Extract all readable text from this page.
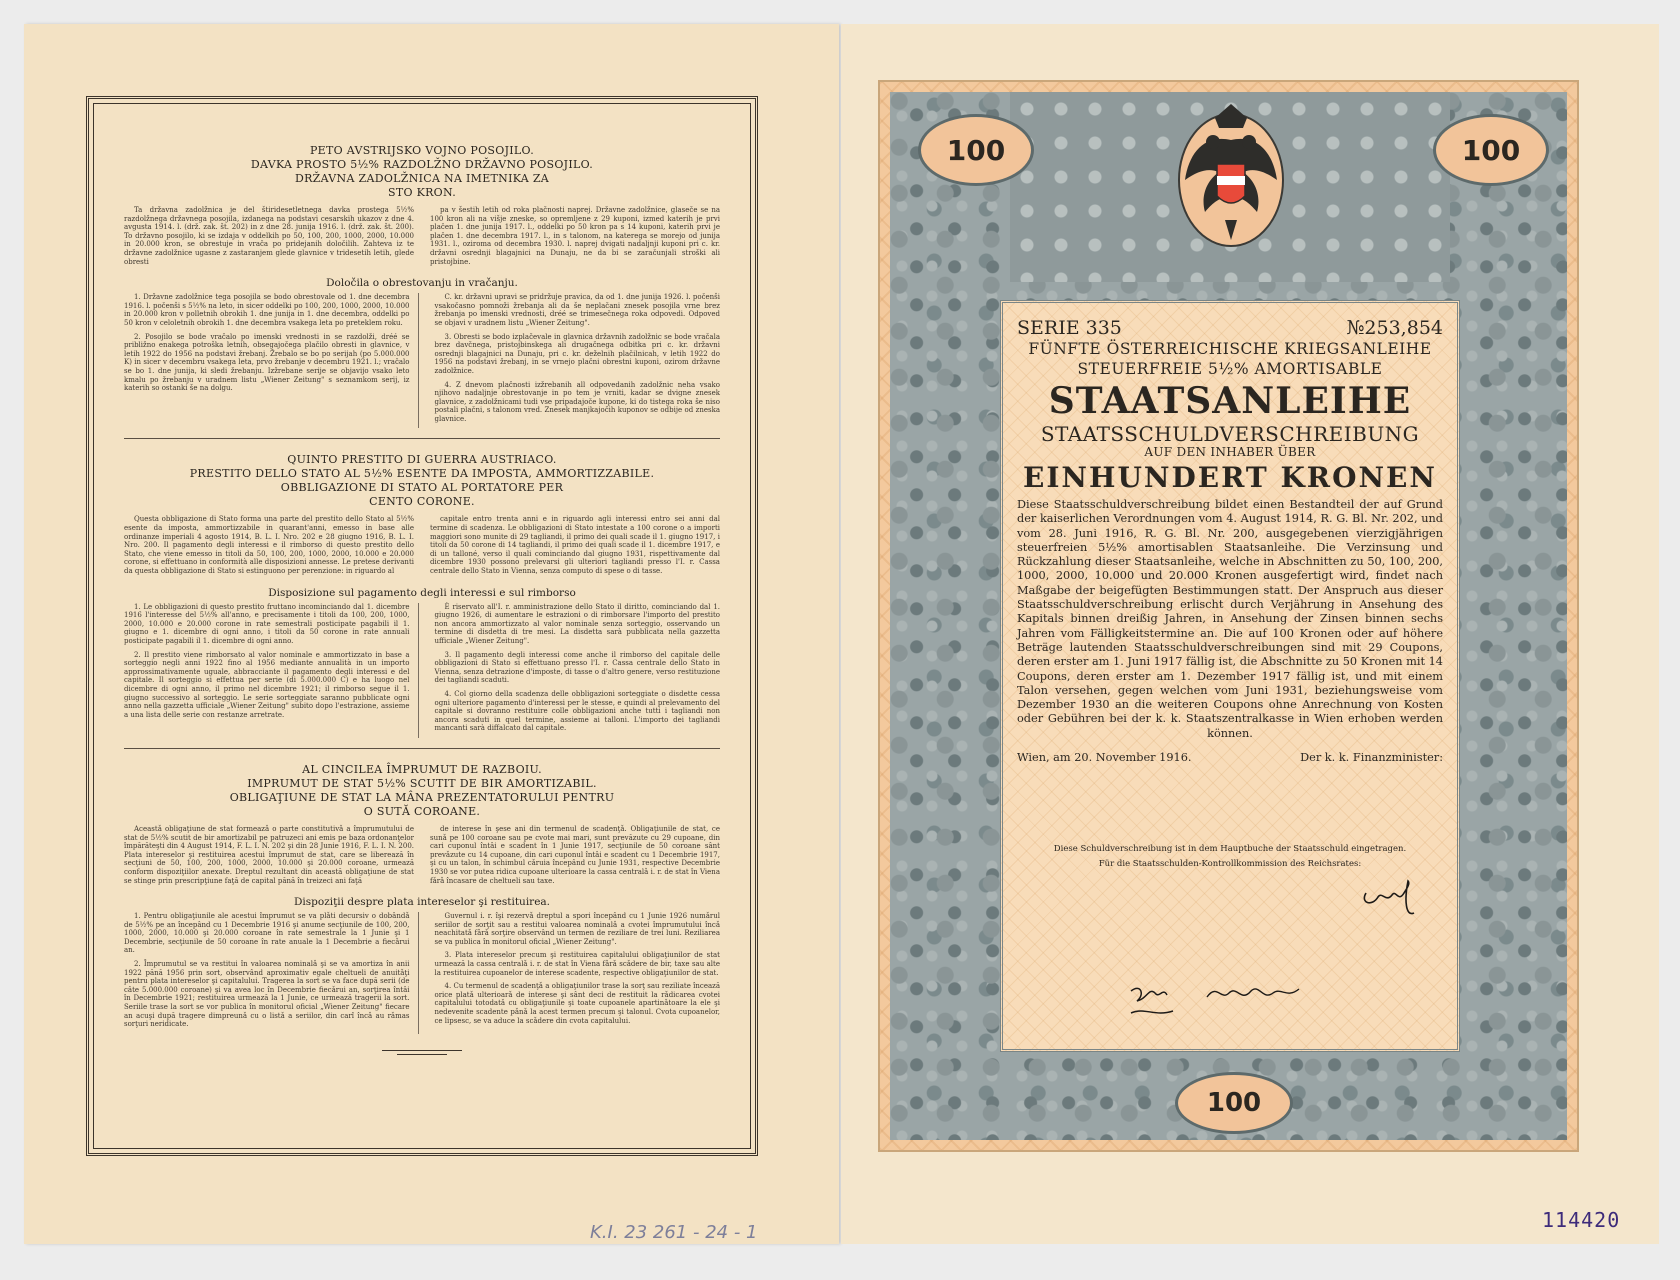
PETO AVSTRIJSKO VOJNO POSOJILO.
DAVKA PROSTO 5½% RAZDOLŽNO DRŽAVNO POSOJILO.
DRŽAVNA ZADOLŽNICA NA IMETNIKA ZA
STO KRON.

Ta državna zadolžnica je del štiridesetletnega davka prostega 5½% razdolžnega državnega posojila, izdanega na podstavi cesarskih ukazov z dne 4. avgusta 1914. l. (drž. zak. št. 202) in z dne 28. junija 1916. l. (drž. zak. št. 200). To državno posojilo, ki se izdaja v oddelkih po 50, 100, 200, 1000, 2000, 10.000 in 20.000 kron, se obrestuje in vrača po pridejanih določilih. Zahteva iz te državne zadolžnice ugasne z zastaranjem glede glavnice v tridesetih letih, glede obresti

pa v šestih letih od roka plačnosti naprej. Državne zadolžnice, glaseče se na 100 kron ali na višje zneske, so opremljene z 29 kuponi, izmed katerih je prvi plačen 1. dne junija 1917. l., oddelki po 50 kron pa s 14 kuponi, katerih prvi je plačen 1. dne decembra 1917. l., in s talonom, na katerega se morejo od junija 1931. l., oziroma od decembra 1930. l. naprej dvigati nadaljnji kuponi pri c. kr. državni osrednji blagajnici na Dunaju, ne da bi se zaračunjali stroški ali pristojbine.

Določila o obrestovanju in vračanju.

1. Državne zadolžnice tega posojila se bodo obrestovale od 1. dne decembra 1916. l. počenši s 5½% na leto, in sicer oddelki po 100, 200, 1000, 2000, 10.000 in 20.000 kron v polletnih obrokih 1. dne junija in 1. dne decembra, oddelki po 50 kron v celoletnih obrokih 1. dne decembra vsakega leta po preteklem roku.

2. Posojilo se bode vračalo po imenski vrednosti in se razdolži, dréé se približno enakega potroška letnih, obsegajočega plačilo obresti in glavnice, v letih 1922 do 1956 na podstavi žrebanj. Žrebalo se bo po serijah (po 5.000.000 K) in sicer v decembru vsakega leta, prvo žrebanje v decembru 1921. l.; vračalo se bo 1. dne junija, ki sledi žrebanju. Izžrebane serije se objavijo vsako leto kmalu po žrebanju v uradnem listu „Wiener Zeitung" s seznamkom serij, iz katerih so ostanki še na dolgu.

C. kr. državni upravi se pridržuje pravica, da od 1. dne junija 1926. l. počenši vsakočasno pomnoži žrebanja ali da še neplačani znesek posojila vrne brez žrebanja po imenski vrednosti, dréé se trimesečnega roka odpovedi. Odpoved se objavi v uradnem listu „Wiener Zeitung".

3. Obresti se bodo izplačevale in glavnica državnih zadolžnic se bode vračala brez davčnega, pristojbinskega ali drugačnega odbitka pri c. kr. državni osrednji blagajnici na Dunaju, pri c. kr. deželnih plačilnicah, v letih 1922 do 1956 na podstavi žrebanj, in se vrnejo plačni obrestni kuponi, ozirom državne zadolžnice.

4. Z dnevom plačnosti izžrebanih all odpovedanih zadolžnic neha vsako njihovo nadaljnje obrestovanje in po tem je vrniti, kadar se dvigne znesek glavnice, z zadolžnicami tudi vse pripadajoče kupone, ki do tistega roka še niso postali plačni, s talonom vred. Znesek manjkajočih kuponov se odbije od zneska glavnice.

QUINTO PRESTITO DI GUERRA AUSTRIACO.
PRESTITO DELLO STATO AL 5½% ESENTE DA IMPOSTA, AMMORTIZZABILE.
OBBLIGAZIONE DI STATO AL PORTATORE PER
CENTO CORONE.

Questa obbligazione di Stato forma una parte del prestito dello Stato al 5½% esente da imposta, ammortizzabile in quarant'anni, emesso in base alle ordinanze imperiali 4 agosto 1914, B. L. I. Nro. 202 e 28 giugno 1916, B. L. I. Nro. 200. Il pagamento degli interessi e il rimborso di questo prestito dello Stato, che viene emesso in titoli da 50, 100, 200, 1000, 2000, 10.000 e 20.000 corone, si effettuano in conformità alle disposizioni annesse. Le pretese derivanti da questa obbligazione di Stato si estinguono per perenzione: in riguardo al

capitale entro trenta anni e in riguardo agli interessi entro sei anni dal termine di scadenza. Le obbligazioni di Stato intestate a 100 corone o a importi maggiori sono munite di 29 tagliandi, il primo dei quali scade il 1. giugno 1917, i titoli da 50 corone di 14 tagliandi, il primo dei quali scade il 1. dicembre 1917, e di un talloné, verso il quali cominciando dal giugno 1931, rispettivamente dal dicembre 1930 possono prelevarsi gli ulteriori tagliandi presso l'I. r. Cassa centrale dello Stato in Vienna, senza computo di spese o di tasse.

Disposizione sul pagamento degli interessi e sul rimborso

1. Le obbligazioni di questo prestito fruttano incominciando dal 1. dicembre 1916 l'interesse del 5½% all'anno, e precisamente i titoli da 100, 200, 1000, 2000, 10.000 e 20.000 corone in rate semestrali posticipate pagabili il 1. giugno e 1. dicembre di ogni anno, i titoli da 50 corone in rate annuali posticipate pagabili il 1. dicembre di ogni anno.

2. Il prestito viene rimborsato al valor nominale e ammortizzato in base a sorteggio negli anni 1922 fino al 1956 mediante annualità in un importo approssimativamente uguale, abbracciante il pagamento degli interessi e del capitale. Il sorteggio si effettua per serie (di 5.000.000 C) e ha luogo nel dicembre di ogni anno, il primo nel dicembre 1921; il rimborso segue il 1. giugno successivo al sorteggio. Le serie sorteggiate saranno pubblicate ogni anno nella gazzetta ufficiale „Wiener Zeitung" subito dopo l'estrazione, assieme a una lista delle serie con restanze arretrate.

È riservato all'I. r. amministrazione dello Stato il diritto, cominciando dal 1. giugno 1926, di aumentare le estrazioni o di rimborsare l'importo del prestito non ancora ammortizzato al valor nominale senza sorteggio, osservando un termine di disdetta di tre mesi. La disdetta sarà pubblicata nella gazzetta ufficiale „Wiener Zeitung".

3. Il pagamento degli interessi come anche il rimborso del capitale delle obbligazioni di Stato si effettuano presso l'I. r. Cassa centrale dello Stato in Vienna, senza detrazione d'imposte, di tasse o d'altro genere, verso restituzione dei tagliandi scaduti.

4. Col giorno della scadenza delle obbligazioni sorteggiate o disdette cessa ogni ulteriore pagamento d'interessi per le stesse, e quindi al prelevamento del capitale si dovranno restituire colle obbligazioni anche tutti i tagliandi non ancora scaduti in quel termine, assieme ai talloni. L'importo dei tagliandi mancanti sarà diffalcato dal capitale.

AL CINCILEA ÎMPRUMUT DE RAZBOIU.
IMPRUMUT DE STAT 5½% SCUTIT DE BIR AMORTIZABIL.
OBLIGAŢIUNE DE STAT LA MÂNA PREZENTATORULUI PENTRU
O SUTĂ COROANE.

Aceastǎ obligaţiune de stat formeazǎ o parte constitutivǎ a împrumutului de stat de 5½% scutit de bir amortizabil pe patruzeci ani emis pe baza ordonanţelor împărăteşti din 4 August 1914, F. L. I. N. 202 şi din 28 Junie 1916, F. L. I. N. 200. Plata intereselor şi restituirea acestui împrumut de stat, care se liberează în secţiuni de 50, 100, 200, 1000, 2000, 10.000 şi 20.000 coroane, urmează conform dispoziţiilor anexate. Dreptul rezultant din această obligaţiune de stat se stinge prin prescripţiune faţă de capital pănă în treizeci ani faţă

de interese în şese ani din termenul de scadenţǎ. Obligaţiunile de stat, ce sunǎ pe 100 coroane sau pe cvote mai mari, sunt prevăzute cu 29 cupoane, din cari cuponul întâi e scadent în 1 Junie 1917, secţiunile de 50 coroane sânt prevǎzute cu 14 cupoane, din cari cuponul întâi e scadent cu 1 Decembrie 1917, şi cu un talon, în schimbul cǎruia începând cu Junie 1931, respective Decembrie 1930 se vor putea ridica cupoane ulterioare la cassa centralǎ i. r. de stat în Viena fǎrǎ încasare de cheltueli sau taxe.

Dispoziţii despre plata intereselor şi restituirea.

1. Pentru obligaţiunile ale acestui împrumut se va plǎti decursiv o dobândǎ de 5½% pe an începând cu 1 Decembrie 1916 şi anume secţiunile de 100, 200, 1000, 2000, 10.000 şi 20.000 coroane în rate semestrale la 1 Junie şi 1 Decembrie, secţiunile de 50 coroane în rate anuale la 1 Decembrie a fiecǎrui an.

2. Împrumutul se va restitui în valoarea nominalǎ şi se va amortiza în anii 1922 pănă 1956 prin sort, observând aproximativ egale cheltueli de anuitǎţi pentru plata intereselor şi capitalului. Tragerea la sort se va face după serii (de câte 5.000.000 coroane) şi va avea loc în Decembrie fiecǎrui an, sorţirea întâi în Decembrie 1921; restituirea urmează la 1 Junie, ce urmează tragerii la sort. Seriile trase la sort se vor publica în monitorul oficial „Wiener Zeitung" fiecare an acuşi după tragere dimpreunǎ cu o listǎ a seriilor, din carî încǎ au rǎmas sorţuri neridicate.

Guvernul i. r. îşi rezervǎ dreptul a spori începând cu 1 Junie 1926 numǎrul seriilor de sorţit sau a restitui valoarea nominalǎ a cvotei împrumutului încǎ neachitatǎ fǎrǎ sorţire observând un termen de reziliare de trei luni. Reziliarea se va publica în monitorul oficial „Wiener Zeitung".

3. Plata intereselor precum şi restituirea capitalului obligaţiunilor de stat urmează la cassa centralǎ i. r. de stat în Viena fǎrǎ scǎdere de bir, taxe sau alte la restituirea cupoanelor de interese scadente, respective obligaţiunilor de stat.

4. Cu termenul de scadenţǎ a obligaţiunilor trase la sorţ sau reziliate încează orice platǎ ulterioarǎ de interese şi sânt deci de restituit la rǎdicarea cvotei capitalului totodatǎ cu obligaţiunile şi toate cupoanele apartinǎtoare la ele şi nedevenite scadente pǎnǎ la acest termen precum şi talonul. Cvota cupoanelor, ce lipsesc, se va aduce la scǎdere din cvota capitalului.

K.I. 23 261 - 24 - 1
100	100
SERIE 335	№253,854
FÜNFTE ÖSTERREICHISCHE KRIEGSANLEIHE
STEUERFREIE 5½% AMORTISABLE
STAATSANLEIHE
STAATSSCHULDVERSCHREIBUNG
AUF DEN INHABER ÜBER
EINHUNDERT KRONEN
Diese Staatsschuldverschreibung bildet einen Bestandteil der auf Grund der kaiserlichen Verordnungen vom 4. August 1914, R. G. Bl. Nr. 202, und vom 28. Juni 1916, R. G. Bl. Nr. 200, ausgegebenen vierzigjährigen steuerfreien 5½% amortisablen Staatsanleihe. Die Verzinsung und Rückzahlung dieser Staatsanleihe, welche in Abschnitten zu 50, 100, 200, 1000, 2000, 10.000 und 20.000 Kronen ausgefertigt wird, findet nach Maßgabe der beigefügten Bestimmungen statt. Der Anspruch aus dieser Staatsschuldverschreibung erlischt durch Verjährung in Ansehung des Kapitals binnen dreißig Jahren, in Ansehung der Zinsen binnen sechs Jahren vom Fälligkeitstermine an. Die auf 100 Kronen oder auf höhere Beträge lautenden Staatsschuldverschreibungen sind mit 29 Coupons, deren erster am 1. Juni 1917 fällig ist, die Abschnitte zu 50 Kronen mit 14 Coupons, deren erster am 1. Dezember 1917 fällig ist, und mit einem Talon versehen, gegen welchen vom Juni 1931, beziehungsweise vom Dezember 1930 an die weiteren Coupons ohne Anrechnung von Kosten oder Gebühren bei der k. k. Staatszentralkasse in Wien erhoben werden können.
Wien, am 20. November 1916.	Der k. k. Finanzminister:
Diese Schuldverschreibung ist in dem Hauptbuche der Staatsschuld eingetragen.
Für die Staatsschulden-Kontrollkommission des Reichsrates:
100
114420
